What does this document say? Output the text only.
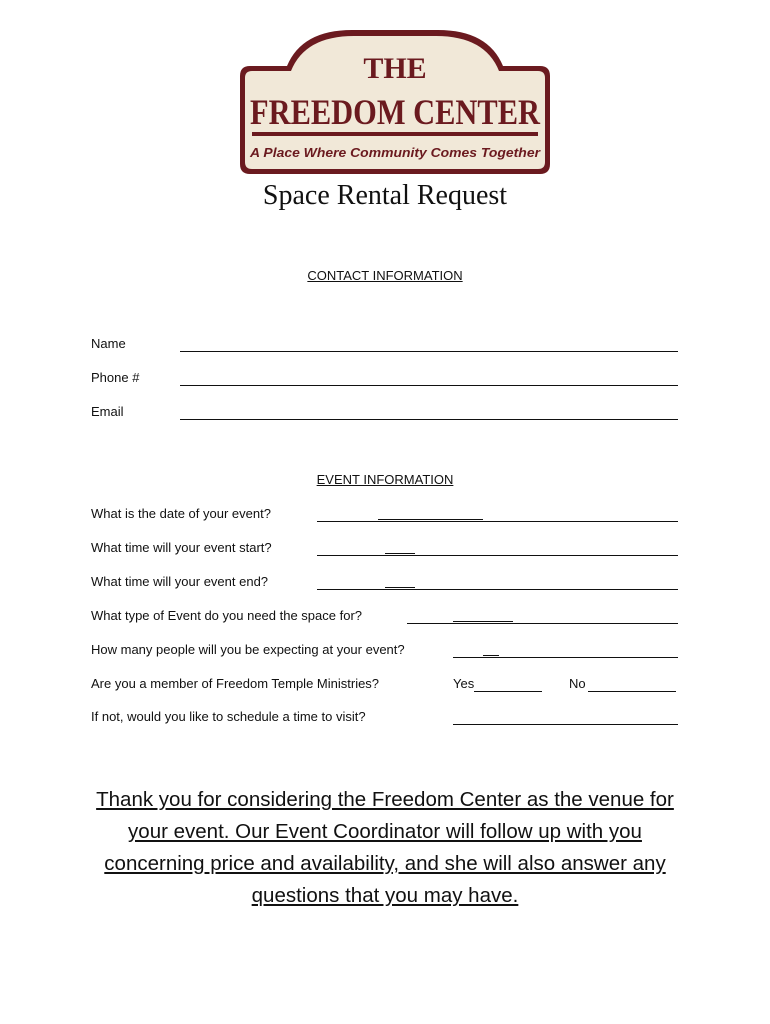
THE
FREEDOM CENTER
A Place Where Community Comes Together
Space Rental Request
CONTACT INFORMATION
Name
Phone #
Email
EVENT INFORMATION
What is the date of your event?
What time will your event start?
What time will your event end?
What type of Event do you need the space for?
How many people will you be expecting at your event?
Are you a member of Freedom Temple Ministries?	Yes	No
If not, would you like to schedule a time to visit?
Thank you for considering the Freedom Center as the venue for your event. Our Event Coordinator will follow up with you concerning price and availability, and she will also answer any questions that you may have.
